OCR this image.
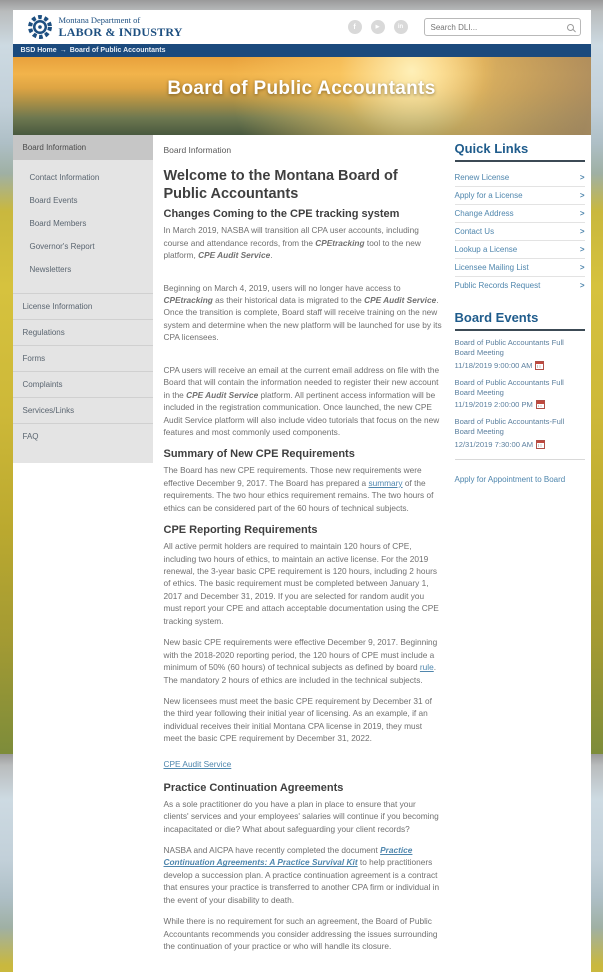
Montana Department of
LABOR & INDUSTRY	f	▶	in
Search DLI...
BSD Home → Board of Public Accountants
Board of Public Accountants
Board Information
Contact Information
Board Events
Board Members
Governor's Report
Newsletters
License Information
Regulations
Forms
Complaints
Services/Links
FAQ
Board Information
Welcome to the Montana Board of Public Accountants
Changes Coming to the CPE tracking system

In March 2019, NASBA will transition all CPA user accounts, including course and attendance records, from the CPEtracking tool to the new platform, CPE Audit Service.

Beginning on March 4, 2019, users will no longer have access to CPEtracking as their historical data is migrated to the CPE Audit Service. Once the transition is complete, Board staff will receive training on the new system and determine when the new platform will be launched for use by its CPA licensees.

CPA users will receive an email at the current email address on file with the Board that will contain the information needed to register their new account in the CPE Audit Service platform. All pertinent access information will be included in the registration communication. Once launched, the new CPE Audit Service platform will also include video tutorials that focus on the new features and most commonly used components.

Summary of New CPE Requirements

The Board has new CPE requirements. Those new requirements were effective December 9, 2017. The Board has prepared a summary of the requirements. The two hour ethics requirement remains. The two hours of ethics can be considered part of the 60 hours of technical subjects.

CPE Reporting Requirements

All active permit holders are required to maintain 120 hours of CPE, including two hours of ethics, to maintain an active license. For the 2019 renewal, the 3-year basic CPE requirement is 120 hours, including 2 hours of ethics. The basic requirement must be completed between January 1, 2017 and December 31, 2019. If you are selected for random audit you must report your CPE and attach acceptable documentation using the CPE tracking system.

New basic CPE requirements were effective December 9, 2017. Beginning with the 2018-2020 reporting period, the 120 hours of CPE must include a minimum of 50% (60 hours) of technical subjects as defined by board rule. The mandatory 2 hours of ethics are included in the technical subjects.

New licensees must meet the basic CPE requirement by December 31 of the third year following their initial year of licensing. As an example, if an individual receives their initial Montana CPA license in 2019, they must meet the basic CPE requirement by December 31, 2022.

CPE Audit Service
Practice Continuation Agreements

As a sole practitioner do you have a plan in place to ensure that your clients' services and your employees' salaries will continue if you becoming incapacitated or die? What about safeguarding your client records?

NASBA and AICPA have recently completed the document Practice Continuation Agreements: A Practice Survival Kit to help practitioners develop a succession plan. A practice continuation agreement is a contract that ensures your practice is transferred to another CPA firm or individual in the event of your disability to death.

While there is no requirement for such an agreement, the Board of Public Accountants recommends you consider addressing the issues surrounding the continuation of your practice or who will handle its closure.

Quick Links
Renew License	>
Apply for a License	>
Change Address	>
Contact Us	>
Lookup a License	>
Licensee Mailing List	>
Public Records Request	>
Board Events
Board of Public Accountants Full Board Meeting
11/18/2019 9:00:00 AM
Board of Public Accountants Full Board Meeting
11/19/2019 2:00:00 PM
Board of Public Accountants-Full Board Meeting
12/31/2019 7:30:00 AM
Apply for Appointment to Board
